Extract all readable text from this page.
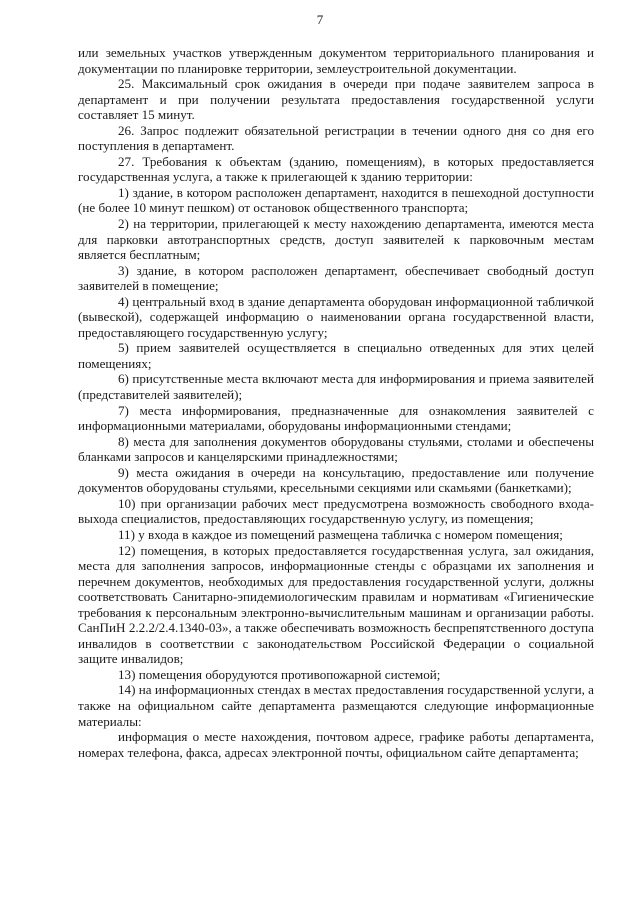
7

или земельных участков утвержденным документом территориального планирования и документации по планировке территории, землеустроительной документации.

25. Максимальный срок ожидания в очереди при подаче заявителем запроса в департамент и при получении результата предоставления государственной услуги составляет 15 минут.

26. Запрос подлежит обязательной регистрации в течении одного дня со дня его поступления в департамент.

27. Требования к объектам (зданию, помещениям), в которых предоставляется государственная услуга, а также к прилегающей к зданию территории:

1) здание, в котором расположен департамент, находится в пешеходной доступности (не более 10 минут пешком) от остановок общественного транспорта;

2) на территории, прилегающей к месту нахождению департамента, имеются места для парковки автотранспортных средств, доступ заявителей к парковочным местам является бесплатным;

3) здание, в котором расположен департамент, обеспечивает свободный доступ заявителей в помещение;

4) центральный вход в здание департамента оборудован информационной табличкой (вывеской), содержащей информацию о наименовании органа государственной власти, предоставляющего государственную услугу;

5) прием заявителей осуществляется в специально отведенных для этих целей помещениях;

6) присутственные места включают места для информирования и приема заявителей (представителей заявителей);

7) места информирования, предназначенные для ознакомления заявителей с информационными материалами, оборудованы информационными стендами;

8) места для заполнения документов оборудованы стульями, столами и обеспечены бланками запросов и канцелярскими принадлежностями;

9) места ожидания в очереди на консультацию, предоставление или получение документов оборудованы стульями, кресельными секциями или скамьями (банкетками);

10) при организации рабочих мест предусмотрена возможность свободного входа-выхода специалистов, предоставляющих государственную услугу, из помещения;

11) у входа в каждое из помещений размещена табличка с номером помещения;

12) помещения, в которых предоставляется государственная услуга, зал ожидания, места для заполнения запросов, информационные стенды с образцами их заполнения и перечнем документов, необходимых для предоставления государственной услуги, должны соответствовать Санитарно-эпидемиологическим правилам и нормативам «Гигиенические требования к персональным электронно-вычислительным машинам и организации работы. СанПиН 2.2.2/2.4.1340-03», а также обеспечивать возможность беспрепятственного доступа инвалидов в соответствии с законодательством Российской Федерации о социальной защите инвалидов;

13) помещения оборудуются противопожарной системой;

14) на информационных стендах в местах предоставления государственной услуги, а также на официальном сайте департамента размещаются следующие информационные материалы:

информация о месте нахождения, почтовом адресе, графике работы департамента, номерах телефона, факса, адресах электронной почты, официальном сайте департамента;
